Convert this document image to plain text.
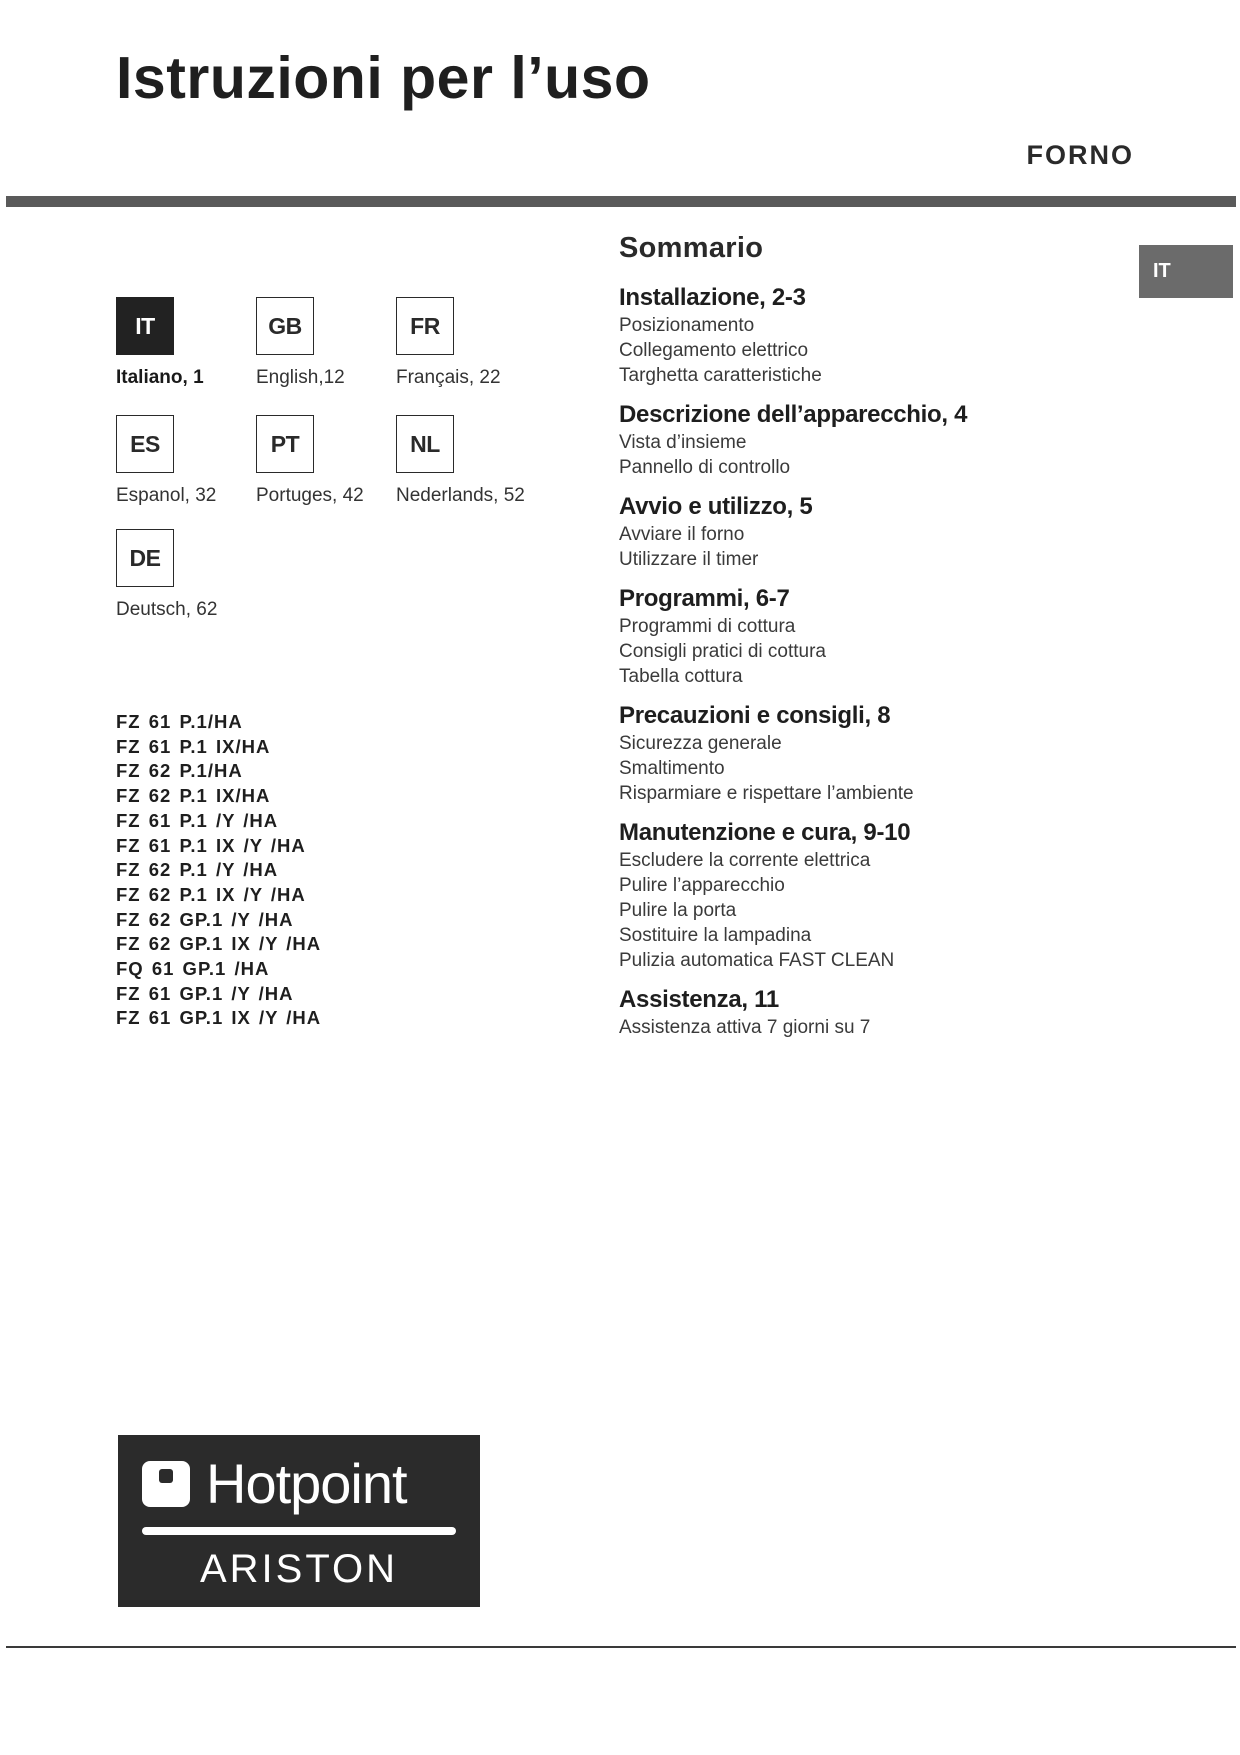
Istruzioni per l’uso
FORNO
IT
IT
Italiano, 1
GB
English,12
FR
Français, 22
ES
Espanol, 32
PT
Portuges, 42
NL
Nederlands, 52
DE
Deutsch, 62
FZ 61 P.1/HA
FZ 61 P.1 IX/HA
FZ 62 P.1/HA
FZ 62 P.1 IX/HA
FZ 61 P.1 /Y /HA
FZ 61 P.1 IX /Y /HA
FZ 62 P.1 /Y /HA
FZ 62 P.1 IX /Y /HA
FZ 62 GP.1 /Y /HA
FZ 62 GP.1 IX /Y /HA
FQ 61 GP.1 /HA
FZ 61 GP.1 /Y /HA
FZ 61 GP.1 IX /Y /HA
Sommario
Installazione, 2-3
Posizionamento
Collegamento elettrico
Targhetta caratteristiche
Descrizione dell’apparecchio, 4
Vista d’insieme
Pannello di controllo
Avvio e utilizzo, 5
Avviare il forno
Utilizzare il timer
Programmi, 6-7
Programmi di cottura
Consigli pratici di cottura
Tabella cottura
Precauzioni e consigli, 8
Sicurezza generale
Smaltimento
Risparmiare e rispettare l’ambiente
Manutenzione e cura, 9-10
Escludere la corrente elettrica
Pulire l’apparecchio
Pulire la porta
Sostituire la lampadina
Pulizia automatica FAST CLEAN
Assistenza, 11
Assistenza attiva 7 giorni su 7
Hotpoint
ARISTON
